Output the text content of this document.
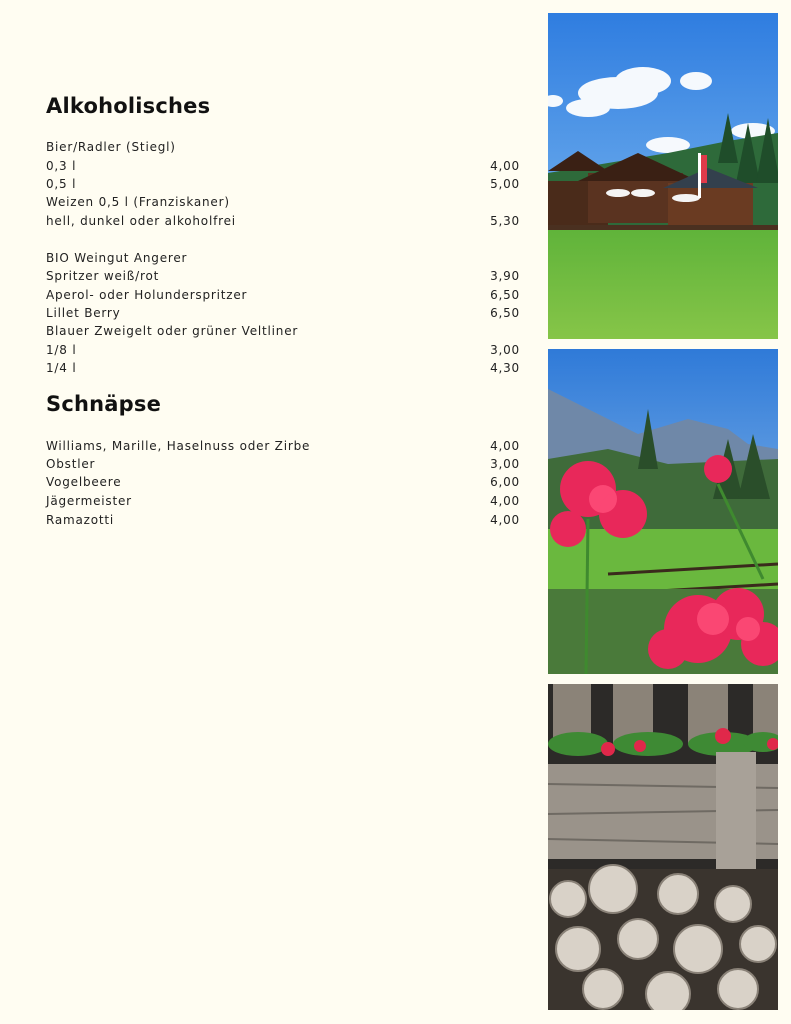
Alkoholisches
Bier/Radler (Stiegl)
0,3 l	4,00
0,5 l	5,00
Weizen 0,5 l (Franziskaner)
hell, dunkel oder alkoholfrei	5,30
BIO Weingut Angerer
Spritzer weiß/rot	3,90
Aperol- oder Holunderspritzer	6,50
Lillet Berry	6,50
Blauer Zweigelt oder grüner Veltliner
1/8 l	3,00
1/4 l	4,30
Schnäpse
Williams, Marille, Haselnuss oder Zirbe	4,00
Obstler	3,00
Vogelbeere	6,00
Jägermeister	4,00
Ramazotti	4,00
